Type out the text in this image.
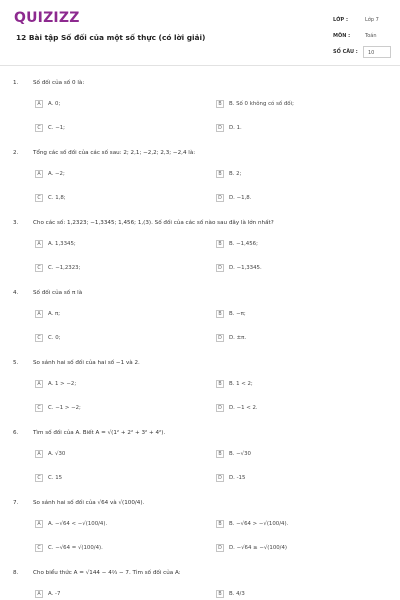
QUIZIZZ
12 Bài tập Số đối của một số thực (có lời giải)
LỚP :	Lớp 7
MÔN :	Toán
SỐ CÂU :	10
1.	Số đối của số 0 là:
A	A. 0;	B	B. Số 0 không có số đối;
C	C. −1;	D	D. 1.
2.	Tổng các số đối của các số sau: 2; 2,1; −2,2; 2,3; −2,4 là:
A	A. −2;	B	B. 2;
C	C. 1,8;	D	D. −1,8.
3.	Cho các số: 1,2323; −1,3345; 1,456; 1,(3). Số đối của các số nào sau đây là lớn nhất?
A	A. 1,3345;	B	B. −1,456;
C	C. −1,2323;	D	D. −1,3345.
4.	Số đối của số π là
A	A. π;	B	B. −π;
C	C. 0;	D	D. ±π.
5.	So sánh hai số đối của hai số −1 và 2.
A	A. 1 > −2;	B	B. 1 < 2;
C	C. −1 > −2;	D	D. −1 < 2.
6.	Tìm số đối của A. Biết A = √(1² + 2² + 3² + 4²).
A	A. √30	B	B. −√30
C	C. 15	D	D. -15
7.	So sánh hai số đối của √64 và √(100/4).
A	A. −√64 < −√(100/4).	B	B. −√64 > −√(100/4).
C	C. −√64 = √(100/4).	D	D. −√64 ≥ −√(100/4)
8.	Cho biểu thức A = √144 − 4⅔ − 7. Tìm số đối của A:
A	A. -7	B	B. 4/3
